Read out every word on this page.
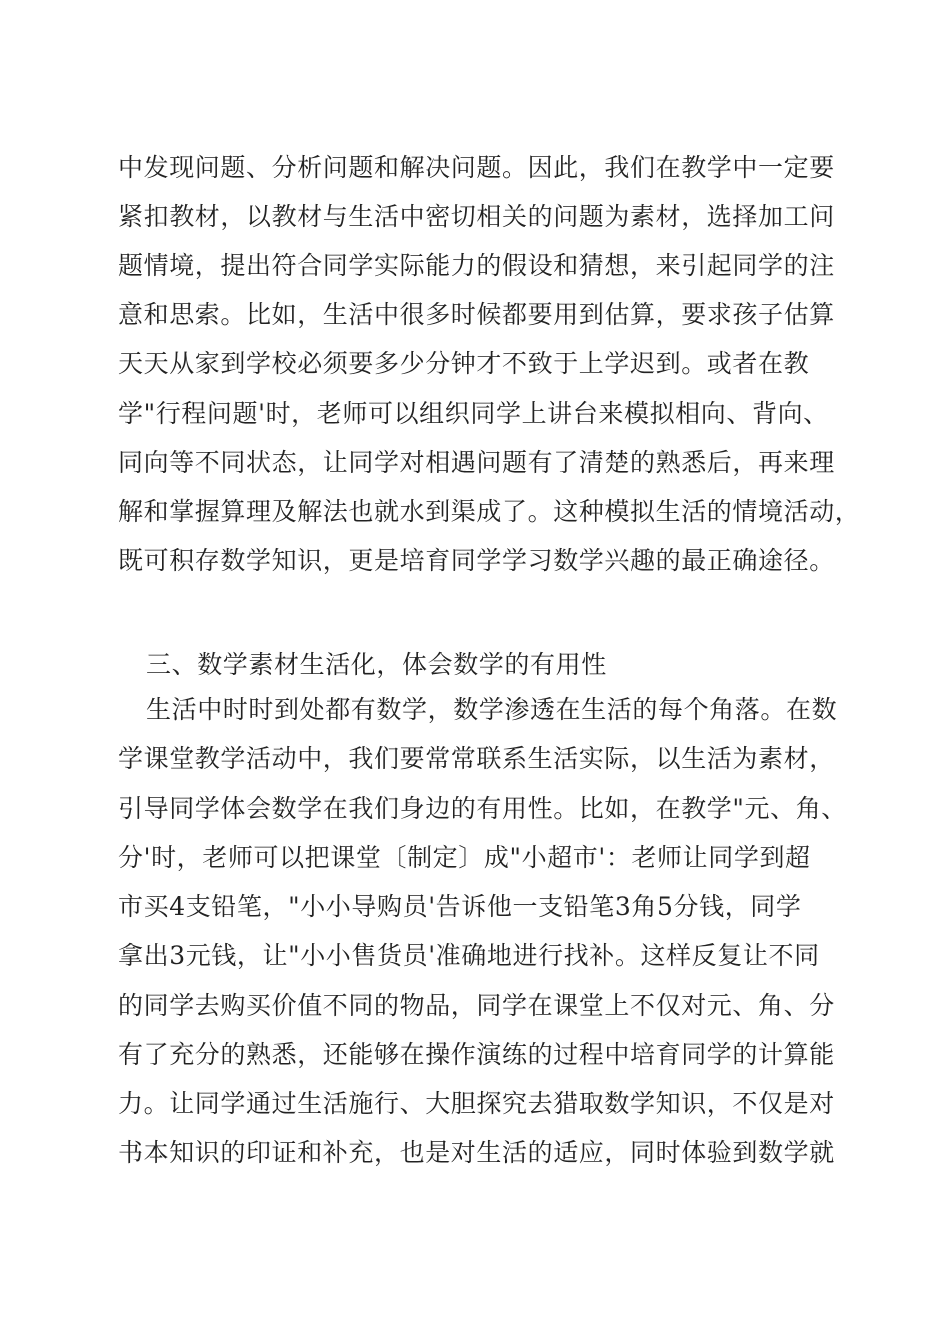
中发现问题、分析问题和解决问题。因此，我们在教学中一定要
紧扣教材，以教材与生活中密切相关的问题为素材，选择加工问
题情境，提出符合同学实际能力的假设和猜想，来引起同学的注
意和思索。比如，生活中很多时候都要用到估算，要求孩子估算
天天从家到学校必须要多少分钟才不致于上学迟到。或者在教
学"行程问题'时，老师可以组织同学上讲台来模拟相向、背向、
同向等不同状态，让同学对相遇问题有了清楚的熟悉后，再来理
解和掌握算理及解法也就水到渠成了。这种模拟生活的情境活动，
既可积存数学知识，更是培育同学学习数学兴趣的最正确途径。
三、数学素材生活化，体会数学的有用性
生活中时时到处都有数学，数学渗透在生活的每个角落。在数
学课堂教学活动中，我们要常常联系生活实际，以生活为素材，
引导同学体会数学在我们身边的有用性。比如，在教学"元、角、
分'时，老师可以把课堂〔制定〕成"小超市'：老师让同学到超
市买4支铅笔，"小小导购员'告诉他一支铅笔3角5分钱，同学
拿出3元钱，让"小小售货员'准确地进行找补。这样反复让不同
的同学去购买价值不同的物品，同学在课堂上不仅对元、角、分
有了充分的熟悉，还能够在操作演练的过程中培育同学的计算能
力。让同学通过生活施行、大胆探究去猎取数学知识，不仅是对
书本知识的印证和补充，也是对生活的适应，同时体验到数学就
